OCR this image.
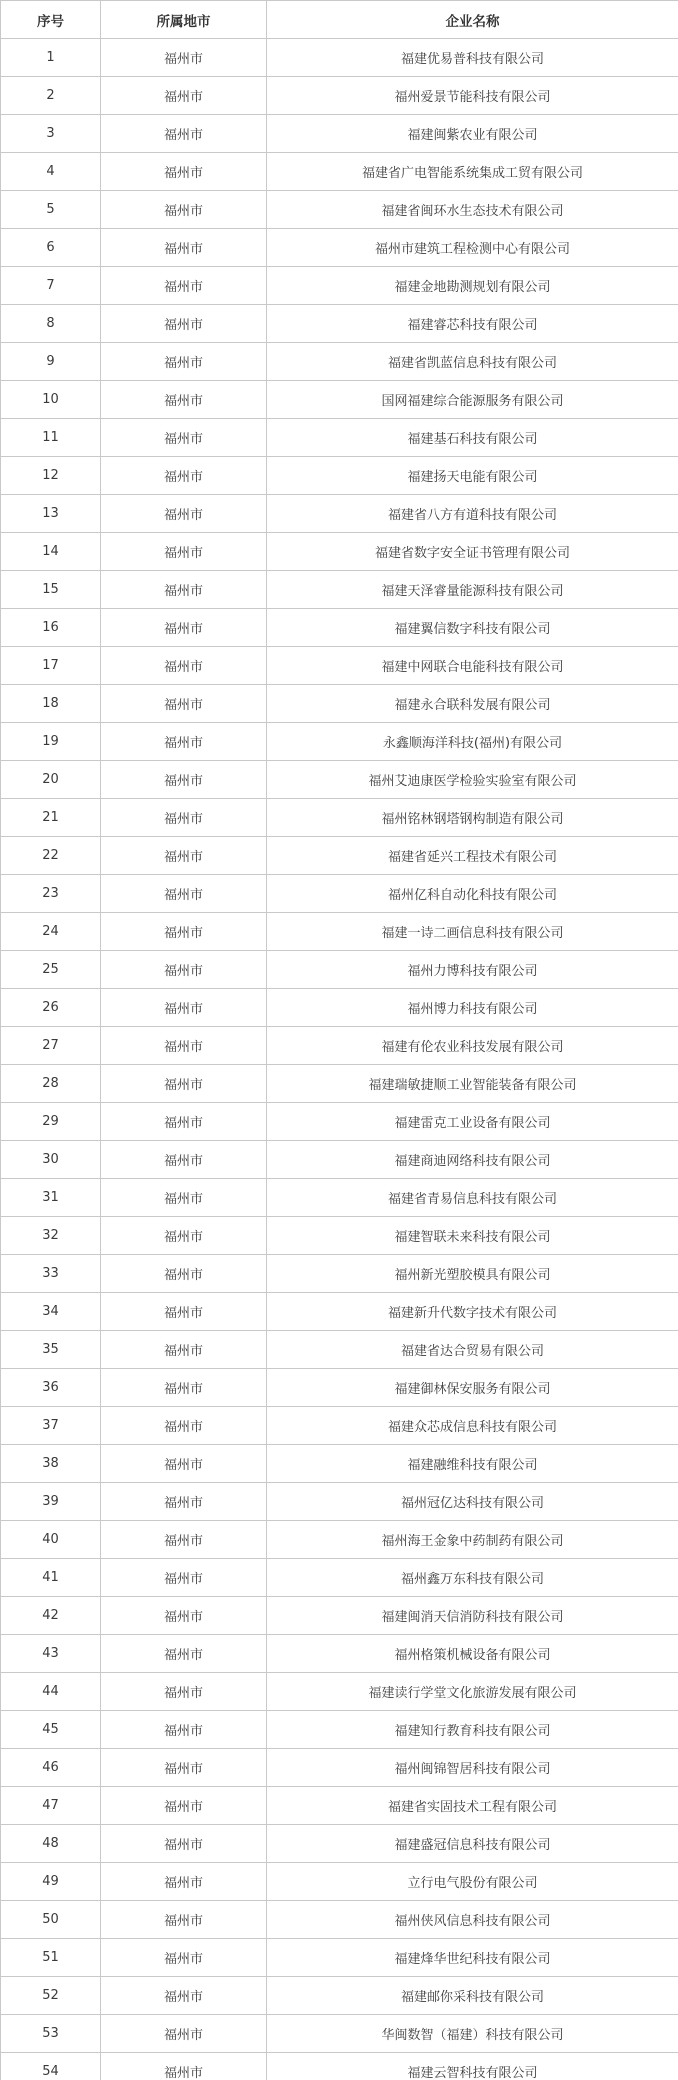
序号	所属地市	企业名称
1	福州市	福建优易普科技有限公司
2	福州市	福州爱景节能科技有限公司
3	福州市	福建闽紫农业有限公司
4	福州市	福建省广电智能系统集成工贸有限公司
5	福州市	福建省闽环水生态技术有限公司
6	福州市	福州市建筑工程检测中心有限公司
7	福州市	福建金地勘测规划有限公司
8	福州市	福建睿芯科技有限公司
9	福州市	福建省凯蓝信息科技有限公司
10	福州市	国网福建综合能源服务有限公司
11	福州市	福建基石科技有限公司
12	福州市	福建扬天电能有限公司
13	福州市	福建省八方有道科技有限公司
14	福州市	福建省数字安全证书管理有限公司
15	福州市	福建天泽睿量能源科技有限公司
16	福州市	福建翼信数字科技有限公司
17	福州市	福建中网联合电能科技有限公司
18	福州市	福建永合联科发展有限公司
19	福州市	永鑫顺海洋科技(福州)有限公司
20	福州市	福州艾迪康医学检验实验室有限公司
21	福州市	福州铭林钢塔钢构制造有限公司
22	福州市	福建省延兴工程技术有限公司
23	福州市	福州亿科自动化科技有限公司
24	福州市	福建一诗二画信息科技有限公司
25	福州市	福州力博科技有限公司
26	福州市	福州博力科技有限公司
27	福州市	福建有伦农业科技发展有限公司
28	福州市	福建瑞敏捷顺工业智能装备有限公司
29	福州市	福建雷克工业设备有限公司
30	福州市	福建商迪网络科技有限公司
31	福州市	福建省青易信息科技有限公司
32	福州市	福建智联未来科技有限公司
33	福州市	福州新光塑胶模具有限公司
34	福州市	福建新升代数字技术有限公司
35	福州市	福建省达合贸易有限公司
36	福州市	福建御林保安服务有限公司
37	福州市	福建众芯成信息科技有限公司
38	福州市	福建融维科技有限公司
39	福州市	福州冠亿达科技有限公司
40	福州市	福州海王金象中药制药有限公司
41	福州市	福州鑫万东科技有限公司
42	福州市	福建闽消天信消防科技有限公司
43	福州市	福州格策机械设备有限公司
44	福州市	福建读行学堂文化旅游发展有限公司
45	福州市	福建知行教育科技有限公司
46	福州市	福州闽锦智居科技有限公司
47	福州市	福建省实固技术工程有限公司
48	福州市	福建盛冠信息科技有限公司
49	福州市	立行电气股份有限公司
50	福州市	福州侠风信息科技有限公司
51	福州市	福建烽华世纪科技有限公司
52	福州市	福建邮你采科技有限公司
53	福州市	华闽数智（福建）科技有限公司
54	福州市	福建云智科技有限公司
